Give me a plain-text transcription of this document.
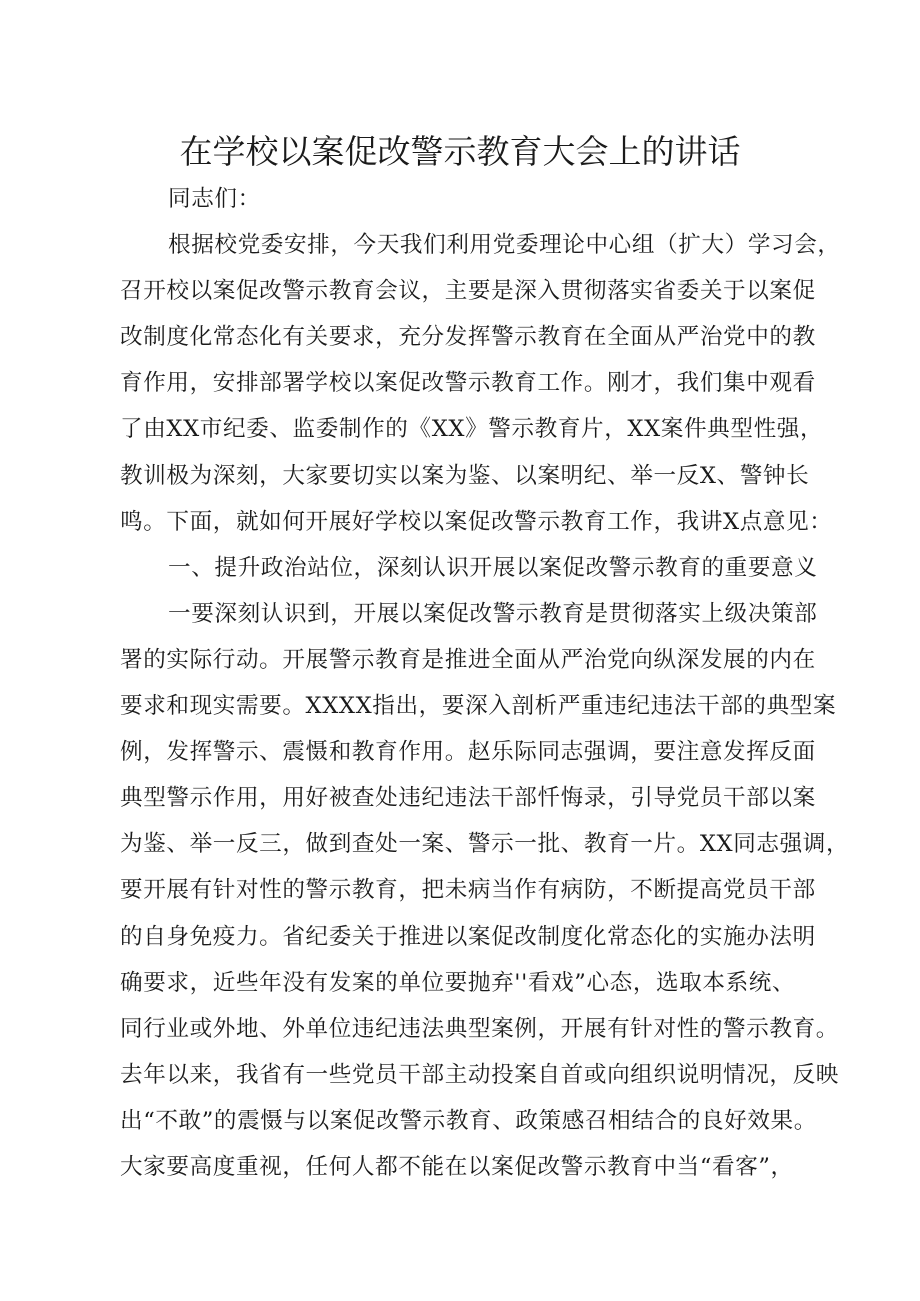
在学校以案促改警示教育大会上的讲话
同志们：
根据校党委安排，今天我们利用党委理论中心组（扩大）学习会，
召开校以案促改警示教育会议，主要是深入贯彻落实省委关于以案促
改制度化常态化有关要求，充分发挥警示教育在全面从严治党中的教
育作用，安排部署学校以案促改警示教育工作。刚才，我们集中观看
了由XX市纪委、监委制作的《XX》警示教育片，XX案件典型性强，
教训极为深刻，大家要切实以案为鉴、以案明纪、举一反X、警钟长
鸣。下面，就如何开展好学校以案促改警示教育工作，我讲X点意见：
一、提升政治站位，深刻认识开展以案促改警示教育的重要意义
一要深刻认识到，开展以案促改警示教育是贯彻落实上级决策部
署的实际行动。开展警示教育是推进全面从严治党向纵深发展的内在
要求和现实需要。XXXX指出，要深入剖析严重违纪违法干部的典型案
例，发挥警示、震慑和教育作用。赵乐际同志强调，要注意发挥反面
典型警示作用，用好被查处违纪违法干部忏悔录，引导党员干部以案
为鉴、举一反三，做到查处一案、警示一批、教育一片。XX同志强调，
要开展有针对性的警示教育，把未病当作有病防，不断提高党员干部
的自身免疫力。省纪委关于推进以案促改制度化常态化的实施办法明
确要求，近些年没有发案的单位要抛弃''看戏”心态，选取本系统、
同行业或外地、外单位违纪违法典型案例，开展有针对性的警示教育。
去年以来，我省有一些党员干部主动投案自首或向组织说明情况，反映
出“不敢”的震慑与以案促改警示教育、政策感召相结合的良好效果。
大家要高度重视，任何人都不能在以案促改警示教育中当“看客”，
